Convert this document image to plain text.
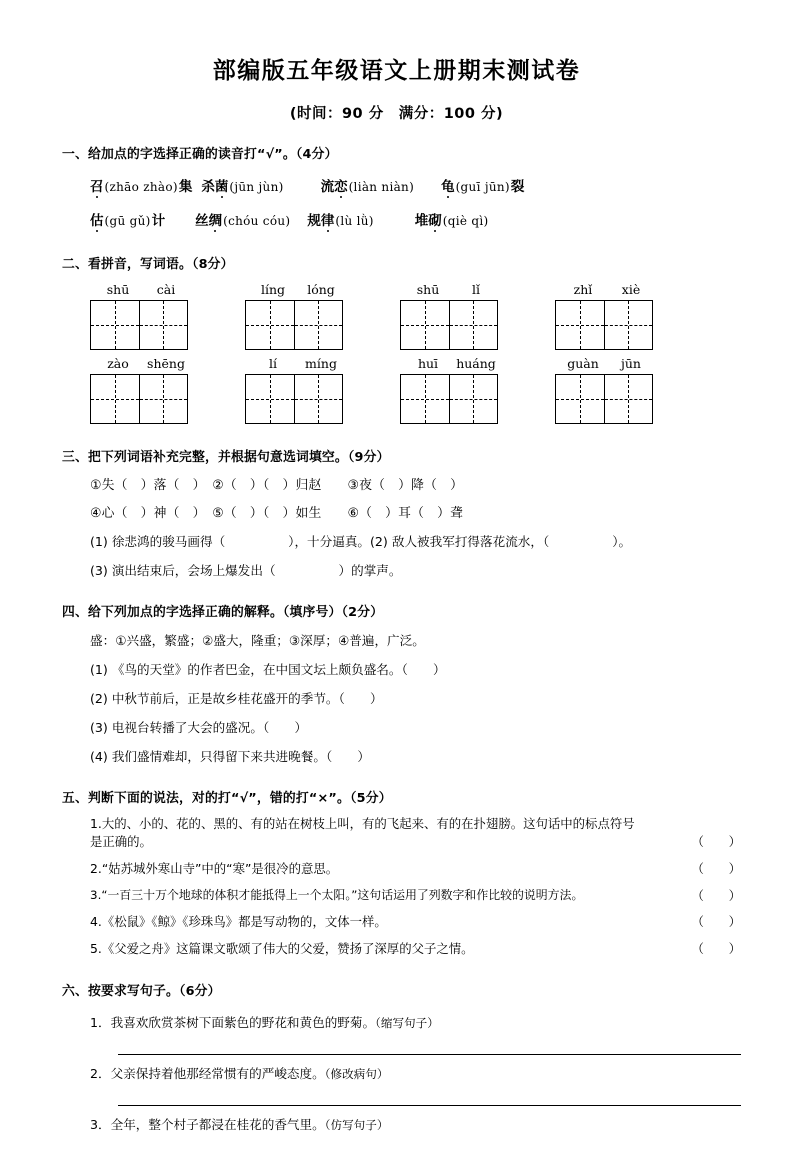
部编版五年级语文上册期末测试卷
(时间：90 分　满分：100 分)
一、给加点的字选择正确的读音打“√”。（4分）
召 (zhāo zhào) 集 杀 菌 (jūn jùn)	流 恋 (liàn niàn) 龟 (guī jūn) 裂
估 (gū gǔ) 计 丝 绸 (chóu cóu) 规 律 (lù lǜ)	堆 砌 (qiè qì)
二、看拼音，写词语。（8分）
shū	cài	líng	lóng	shū	lǐ	zhǐ	xiè
zào	shēng	lí	míng	huī	huáng	guàn	jūn
三、把下列词语补充完整，并根据句意选词填空。（9分）
①失（　）落（　）　②（　）（　）归赵　　③夜（　）降（　）
④心（　）神（　）　⑤（　）（　）如生　　⑥（　）耳（　）聋
(1) 徐悲鸿的骏马画得（　　　　　），十分逼真。(2) 敌人被我军打得落花流水，（　　　　　）。
(3) 演出结束后，会场上爆发出（　　　　　）的掌声。
四、给下列加点的字选择正确的解释。（填序号）（2分）
盛：①兴盛，繁盛；②盛大，隆重；③深厚；④普遍，广泛。
(1) 《鸟的天堂》的作者巴金，在中国文坛上颇负盛名。（　　）
(2) 中秋节前后，正是故乡桂花盛开的季节。（　　）
(3) 电视台转播了大会的盛况。（　　）
(4) 我们盛情难却，只得留下来共进晚餐。（　　）
五、判断下面的说法，对的打“√”，错的打“×”。（5分）
1.大的、小的、花的、黑的、有的站在树枝上叫，有的飞起来、有的在扑翅膀。这句话中的标点符号
是正确的。	（　　）
2.“姑苏城外寒山寺”中的“寒”是很冷的意思。	（　　）
3.“一百三十万个地球的体积才能抵得上一个太阳。”这句话运用了列数字和作比较的说明方法。	（　　）
4.《松鼠》《鲸》《珍珠鸟》都是写动物的，文体一样。	（　　）
5.《父爱之舟》这篇课文歌颂了伟大的父爱，赞扬了深厚的父子之情。	（　　）
六、按要求写句子。（6分）
1．我喜欢欣赏茶树下面紫色的野花和黄色的野菊。（缩写句子）
2．父亲保持着他那经常惯有的严峻态度。（修改病句）
3．全年，整个村子都浸在桂花的香气里。（仿写句子）
